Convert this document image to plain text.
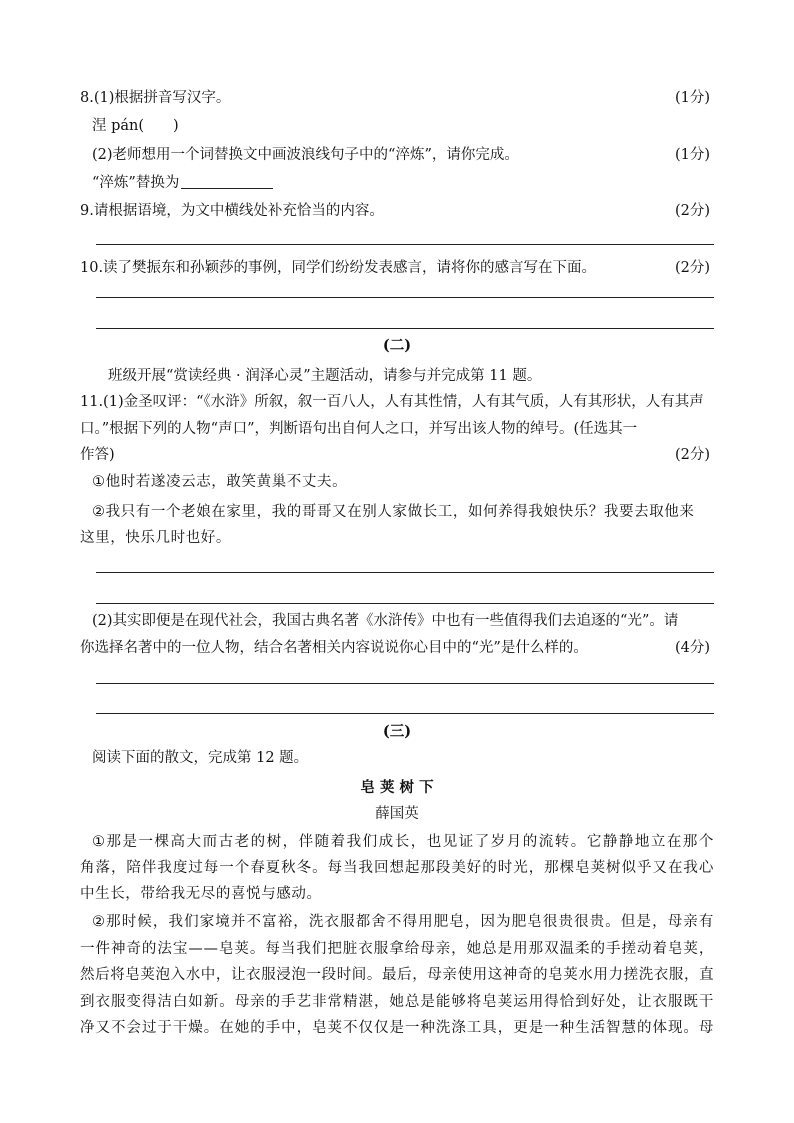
8.(1)根据拼音写汉字。	(1分)
涅 pán(　　)
(2)老师想用一个词替换文中画波浪线句子中的“淬炼”，请你完成。	(1分)
“淬炼”替换为
9.请根据语境，为文中横线处补充恰当的内容。	(2分)
10.读了樊振东和孙颖莎的事例，同学们纷纷发表感言，请将你的感言写在下面。	(2分)
(二)
班级开展“赏读经典 · 润泽心灵”主题活动，请参与并完成第 11 题。
11.(1)金圣叹评：“《水浒》所叙，叙一百八人，人有其性情，人有其气质，人有其形状，人有其声
口。”根据下列的人物“声口”，判断语句出自何人之口，并写出该人物的绰号。(任选其一
作答)	(2分)
①他时若遂凌云志，敢笑黄巢不丈夫。
②我只有一个老娘在家里，我的哥哥又在别人家做长工，如何养得我娘快乐？我要去取他来
这里，快乐几时也好。
(2)其实即便是在现代社会，我国古典名著《水浒传》中也有一些值得我们去追逐的“光”。请
你选择名著中的一位人物，结合名著相关内容说说你心目中的“光”是什么样的。	(4分)
(三)
阅读下面的散文，完成第 12 题。
皂 荚 树 下
薛国英
①那是一棵高大而古老的树，伴随着我们成长，也见证了岁月的流转。它静静地立在那个
角落，陪伴我度过每一个春夏秋冬。每当我回想起那段美好的时光，那棵皂荚树似乎又在我心
中生长，带给我无尽的喜悦与感动。
②那时候，我们家境并不富裕，洗衣服都舍不得用肥皂，因为肥皂很贵很贵。但是，母亲有
一件神奇的法宝——皂荚。每当我们把脏衣服拿给母亲，她总是用那双温柔的手搓动着皂荚，
然后将皂荚泡入水中，让衣服浸泡一段时间。最后，母亲使用这神奇的皂荚水用力搓洗衣服，直
到衣服变得洁白如新。母亲的手艺非常精湛，她总是能够将皂荚运用得恰到好处，让衣服既干
净又不会过于干燥。在她的手中，皂荚不仅仅是一种洗涤工具，更是一种生活智慧的体现。母
